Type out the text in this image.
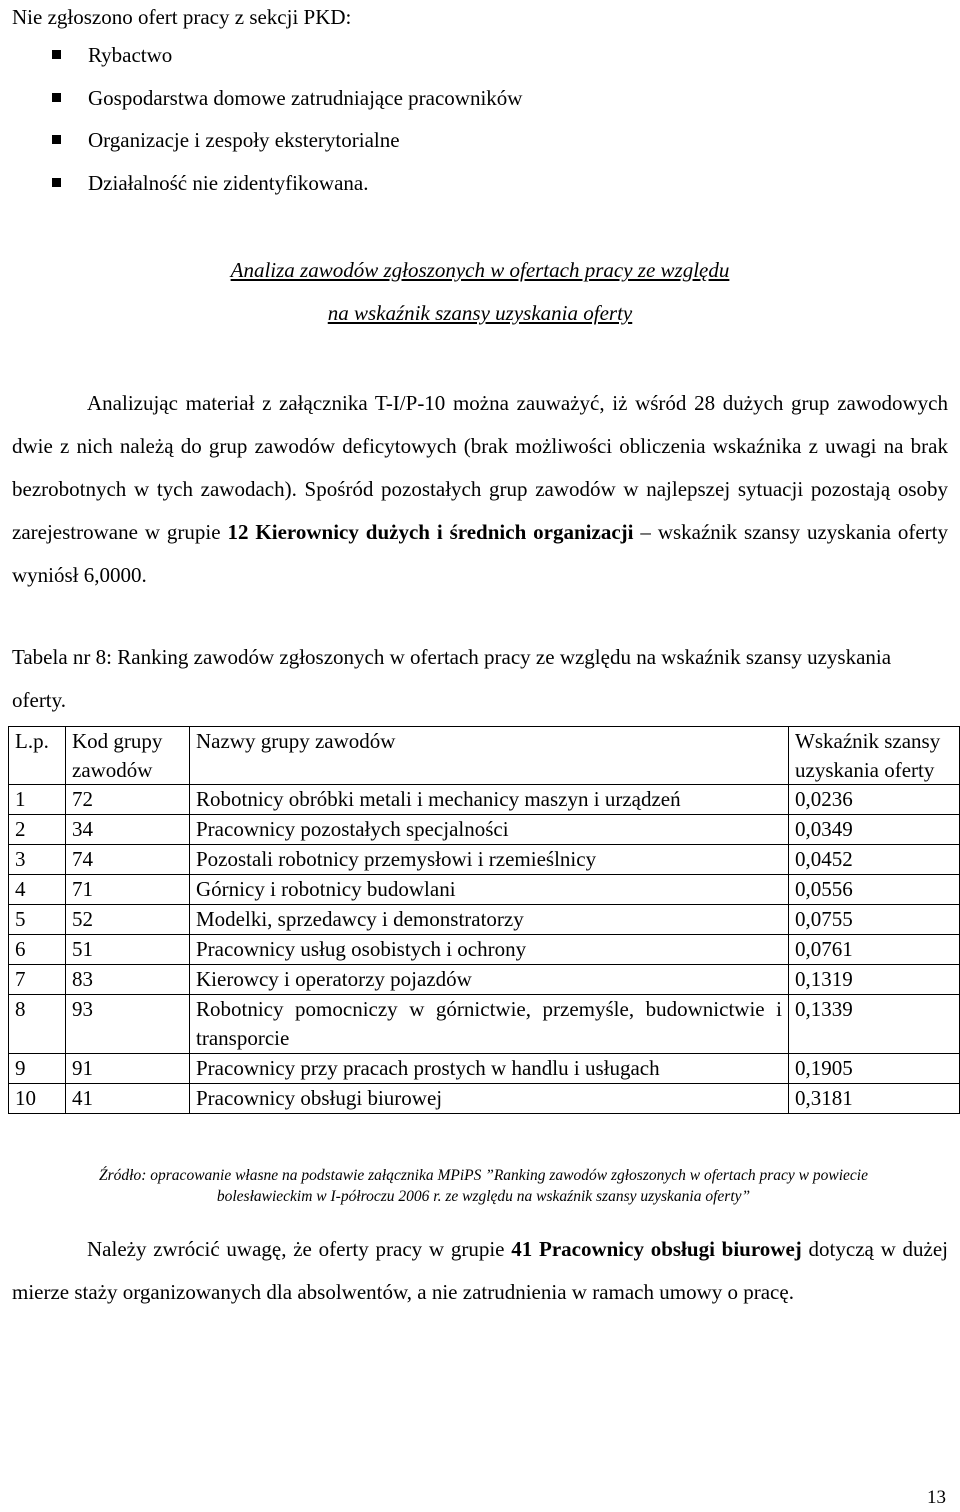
Nie zgłoszono ofert pracy z sekcji PKD:
Rybactwo
Gospodarstwa domowe zatrudniające pracowników
Organizacje i zespoły eksterytorialne
Działalność nie zidentyfikowana.
Analiza zawodów zgłoszonych w ofertach pracy ze względu
na wskaźnik szansy uzyskania oferty

Analizując materiał z załącznika T-I/P-10 można zauważyć, iż wśród 28 dużych grup zawodowych dwie z nich należą do grup zawodów deficytowych (brak możliwości obliczenia wskaźnika z uwagi na brak bezrobotnych w tych zawodach). Spośród pozostałych grup zawodów w najlepszej sytuacji pozostają osoby zarejestrowane w grupie 12 Kierownicy dużych i średnich organizacji – wskaźnik szansy uzyskania oferty wyniósł 6,0000.

Tabela nr 8: Ranking zawodów zgłoszonych w ofertach pracy ze względu na wskaźnik szansy uzyskania oferty.

L.p.	Kod grupy zawodów	Nazwy grupy zawodów	Wskaźnik szansy uzyskania oferty
1	72	Robotnicy obróbki metali i mechanicy maszyn i urządzeń	0,0236
2	34	Pracownicy pozostałych specjalności	0,0349
3	74	Pozostali robotnicy przemysłowi i rzemieślnicy	0,0452
4	71	Górnicy i robotnicy budowlani	0,0556
5	52	Modelki, sprzedawcy i demonstratorzy	0,0755
6	51	Pracownicy usług osobistych i ochrony	0,0761
7	83	Kierowcy i operatorzy pojazdów	0,1319
8	93	Robotnicy pomocniczy w górnictwie, przemyśle, budownictwie i transporcie	0,1339
9	91	Pracownicy przy pracach prostych w handlu i usługach	0,1905
10	41	Pracownicy obsługi biurowej	0,3181
Źródło: opracowanie własne na podstawie załącznika MPiPS ”Ranking zawodów zgłoszonych w ofertach pracy w powiecie
bolesławieckim w I-półroczu 2006 r. ze względu na wskaźnik szansy uzyskania oferty”

Należy zwrócić uwagę, że oferty pracy w grupie 41 Pracownicy obsługi biurowej dotyczą w dużej mierze staży organizowanych dla absolwentów, a nie zatrudnienia w ramach umowy o pracę.

13
